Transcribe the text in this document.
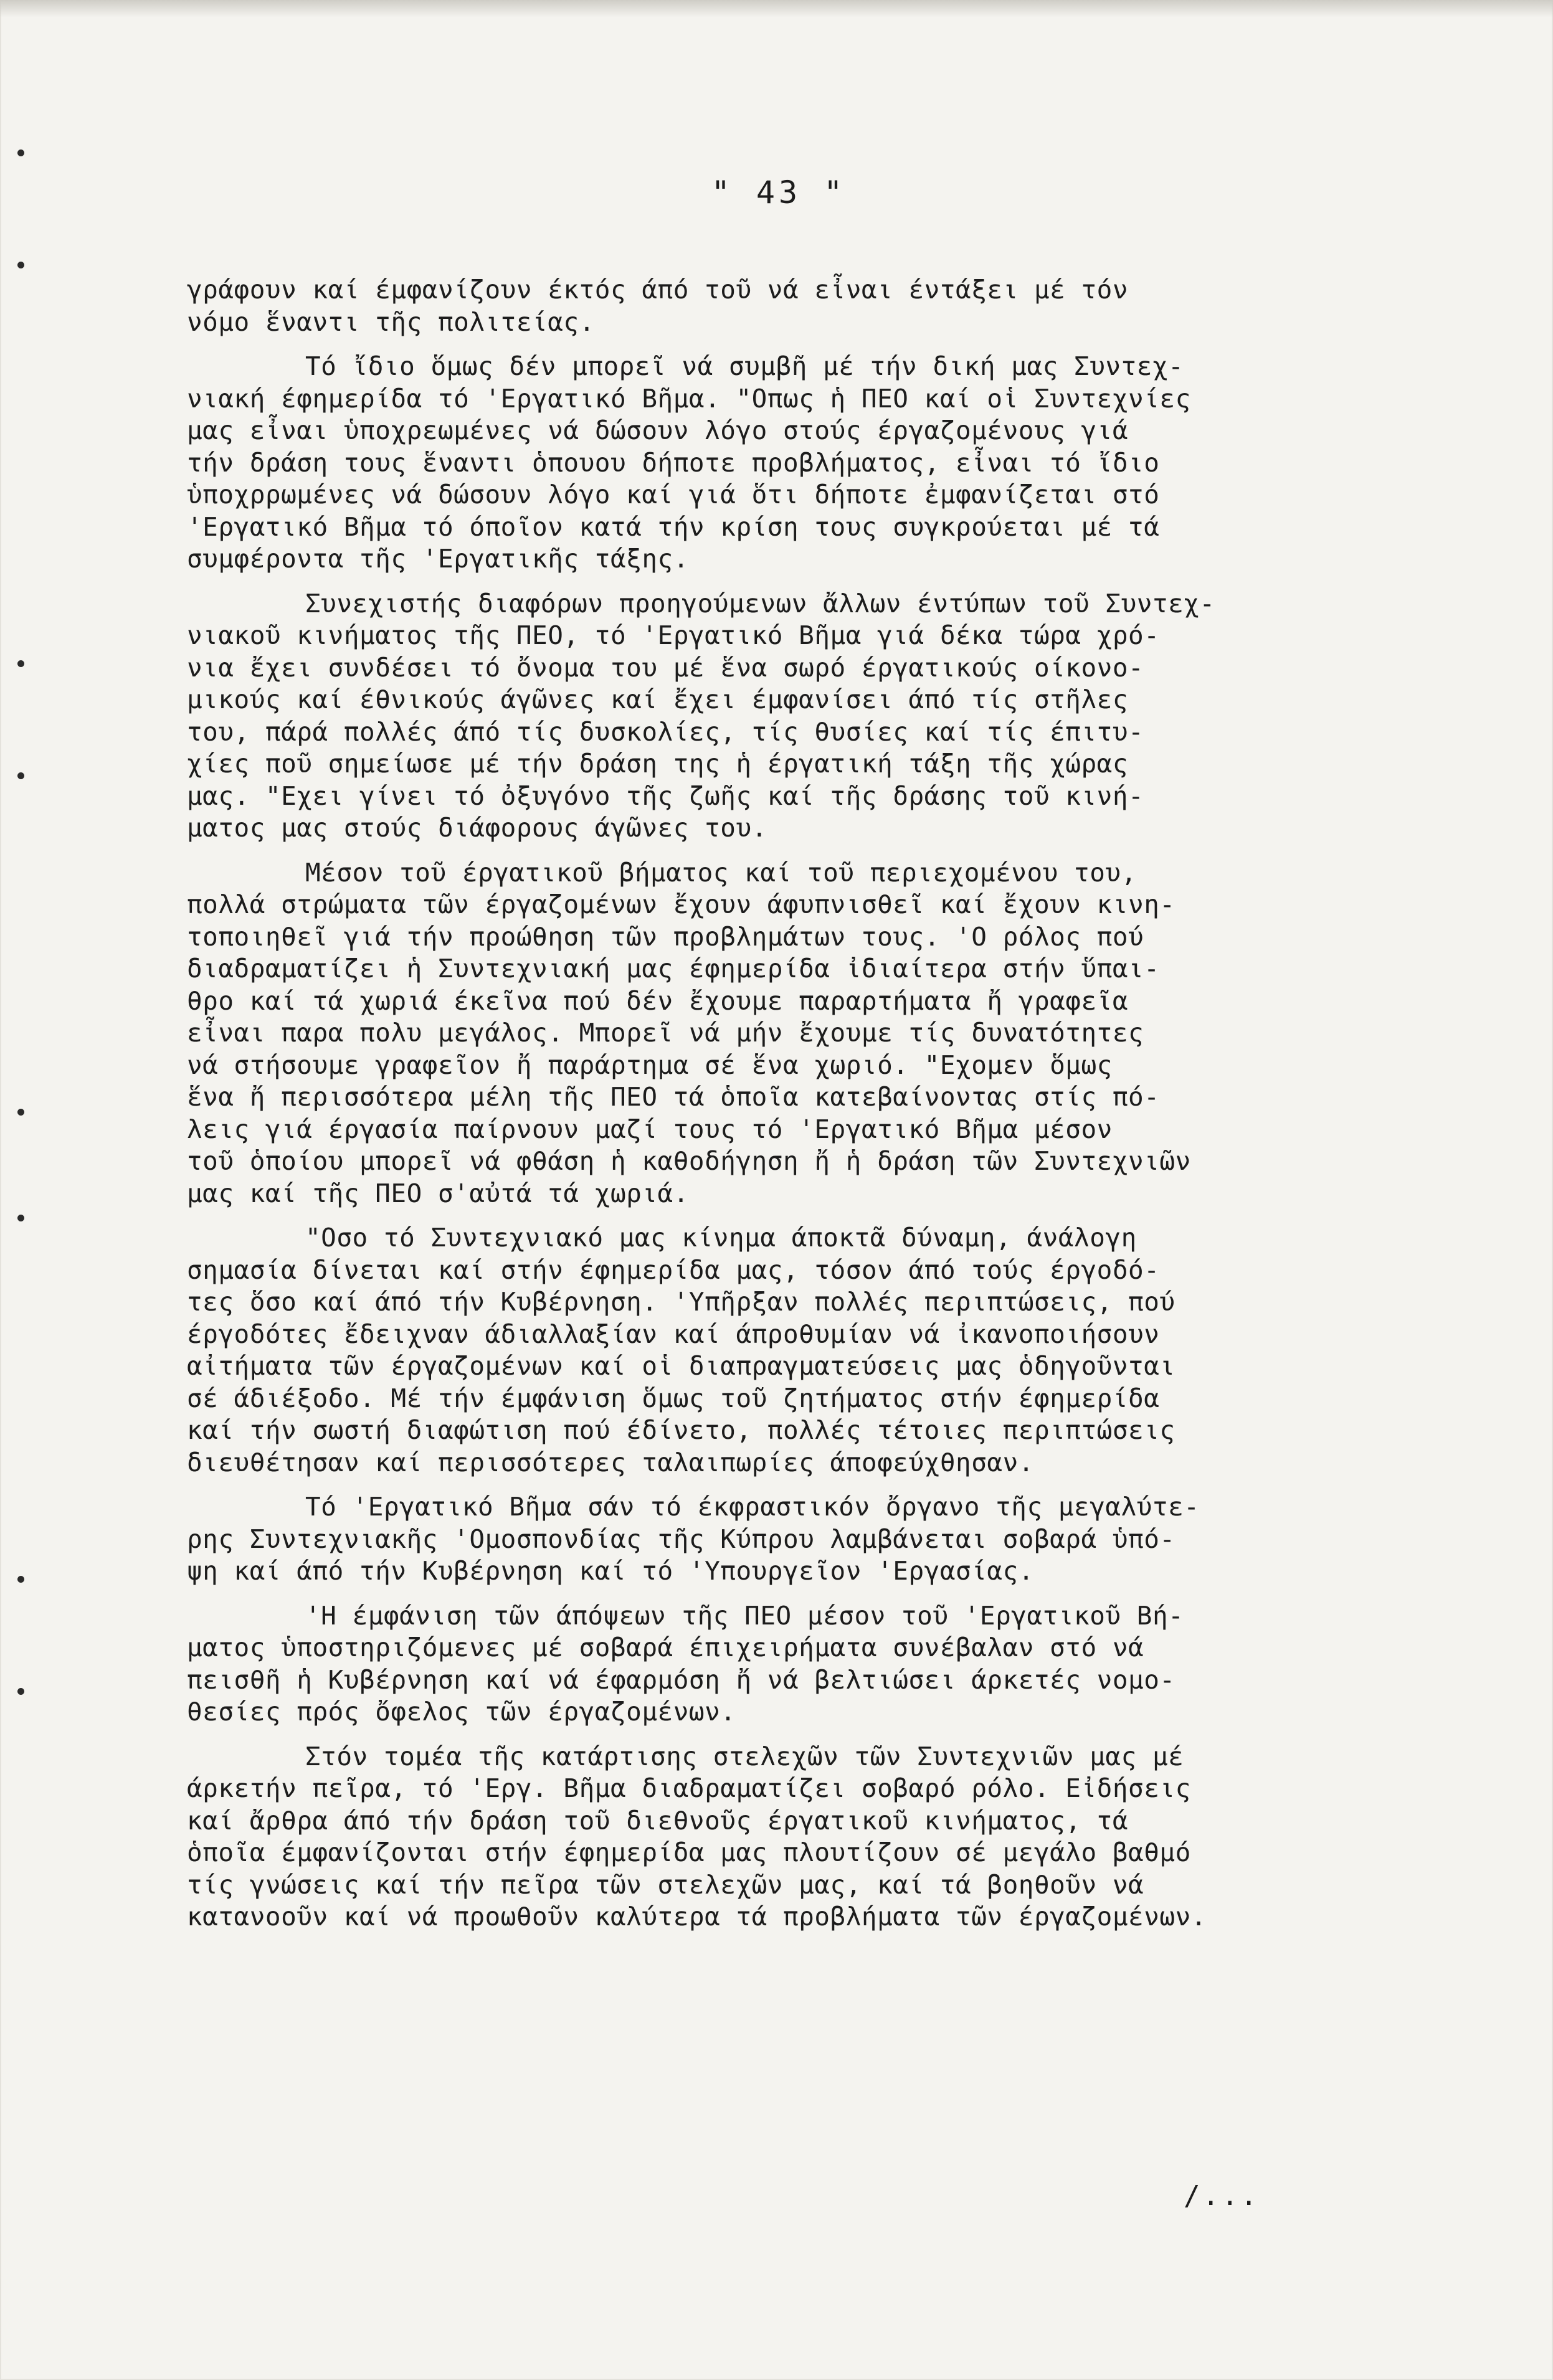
" 43 "

γράφουν καί έμφανίζουν έκτός άπό τοῦ νά εἶναι έντάξει μέ τόν

νόμο ἕναντι τῆς πολιτείας.

Τό ἴδιο ὅμως δέν μπορεῖ νά συμβῆ μέ τήν δική μας Συντεχ-

νιακή έφημερίδα τό 'Εργατικό Βῆμα. "Οπως ἡ ΠΕΟ καί οἱ Συντεχνίες

μας εἶναι ὑποχρεωμένες νά δώσουν λόγο στούς έργαζομένους γιά

τήν δράση τους ἕναντι ὁπουου δήποτε προβλήματος, εἶναι τό ἴδιο

ὑποχρρωμένες νά δώσουν λόγο καί γιά ὅτι δήποτε ἐμφανίζεται στό

'Εργατικό Βῆμα τό όποῖον κατά τήν κρίση τους συγκρούεται μέ τά

συμφέροντα τῆς 'Εργατικῆς τάξης.

Συνεχιστής διαφόρων προηγούμενων ἄλλων έντύπων τοῦ Συντεχ-

νιακοῦ κινήματος τῆς ΠΕΟ, τό 'Εργατικό Βῆμα γιά δέκα τώρα χρό-

νια ἔχει συνδέσει τό ὄνομα του μέ ἕνα σωρό έργατικούς οίκονο-

μικούς καί έθνικούς άγῶνες καί ἔχει έμφανίσει άπό τίς στῆλες

του, πάρά πολλές άπό τίς δυσκολίες, τίς θυσίες καί τίς έπιτυ-

χίες ποῦ σημείωσε μέ τήν δράση της ἡ έργατική τάξη τῆς χώρας

μας. "Εχει γίνει τό ὀξυγόνο τῆς ζωῆς καί τῆς δράσης τοῦ κινή-

ματος μας στούς διάφορους άγῶνες του.

Μέσον τοῦ έργατικοῦ βήματος καί τοῦ περιεχομένου του,

πολλά στρώματα τῶν έργαζομένων ἔχουν άφυπνισθεῖ καί ἔχουν κινη-

τοποιηθεῖ γιά τήν προώθηση τῶν προβλημάτων τους. 'Ο ρόλος πού

διαδραματίζει ἡ Συντεχνιακή μας έφημερίδα ἰδιαίτερα στήν ὕπαι-

θρο καί τά χωριά έκεῖνα πού δέν ἔχουμε παραρτήματα ἤ γραφεῖα

εἶναι παρα πολυ μεγάλος. Μπορεῖ νά μήν ἔχουμε τίς δυνατότητες

νά στήσουμε γραφεῖον ἤ παράρτημα σέ ἕνα χωριό. "Εχομεν ὅμως

ἕνα ἤ περισσότερα μέλη τῆς ΠΕΟ τά ὁποῖα κατεβαίνοντας στίς πό-

λεις γιά έργασία παίρνουν μαζί τους τό 'Εργατικό Βῆμα μέσον

τοῦ ὁποίου μπορεῖ νά φθάση ἡ καθοδήγηση ἤ ἡ δράση τῶν Συντεχνιῶν

μας καί τῆς ΠΕΟ σ'αὐτά τά χωριά.

"Οσο τό Συντεχνιακό μας κίνημα άποκτᾶ δύναμη, άνάλογη

σημασία δίνεται καί στήν έφημερίδα μας, τόσον άπό τούς έργοδό-

τες ὅσο καί άπό τήν Κυβέρνηση. 'Υπῆρξαν πολλές περιπτώσεις, πού

έργοδότες ἔδειχναν άδιαλλαξίαν καί άπροθυμίαν νά ἰκανοποιήσουν

αἰτήματα τῶν έργαζομένων καί οἱ διαπραγματεύσεις μας ὁδηγοῦνται

σέ άδιέξοδο. Μέ τήν έμφάνιση ὅμως τοῦ ζητήματος στήν έφημερίδα

καί τήν σωστή διαφώτιση πού έδίνετο, πολλές τέτοιες περιπτώσεις

διευθέτησαν καί περισσότερες ταλαιπωρίες άποφεύχθησαν.

Τό 'Εργατικό Βῆμα σάν τό έκφραστικόν ὄργανο τῆς μεγαλύτε-

ρης Συντεχνιακῆς 'Ομοσπονδίας τῆς Κύπρου λαμβάνεται σοβαρά ὑπό-

ψη καί άπό τήν Κυβέρνηση καί τό 'Υπουργεῖον 'Εργασίας.

'Η έμφάνιση τῶν άπόψεων τῆς ΠΕΟ μέσον τοῦ 'Εργατικοῦ Βή-

ματος ὑποστηριζόμενες μέ σοβαρά έπιχειρήματα συνέβαλαν στό νά

πεισθῆ ἡ Κυβέρνηση καί νά έφαρμόση ἤ νά βελτιώσει άρκετές νομο-

θεσίες πρός ὄφελος τῶν έργαζομένων.

Στόν τομέα τῆς κατάρτισης στελεχῶν τῶν Συντεχνιῶν μας μέ

άρκετήν πεῖρα, τό 'Εργ. Βῆμα διαδραματίζει σοβαρό ρόλο. Εἰδήσεις

καί ἄρθρα άπό τήν δράση τοῦ διεθνοῦς έργατικοῦ κινήματος, τά

ὁποῖα έμφανίζονται στήν έφημερίδα μας πλουτίζουν σέ μεγάλο βαθμό

τίς γνώσεις καί τήν πεῖρα τῶν στελεχῶν μας, καί τά βοηθοῦν νά

κατανοοῦν καί νά προωθοῦν καλύτερα τά προβλήματα τῶν έργαζομένων.

/...
